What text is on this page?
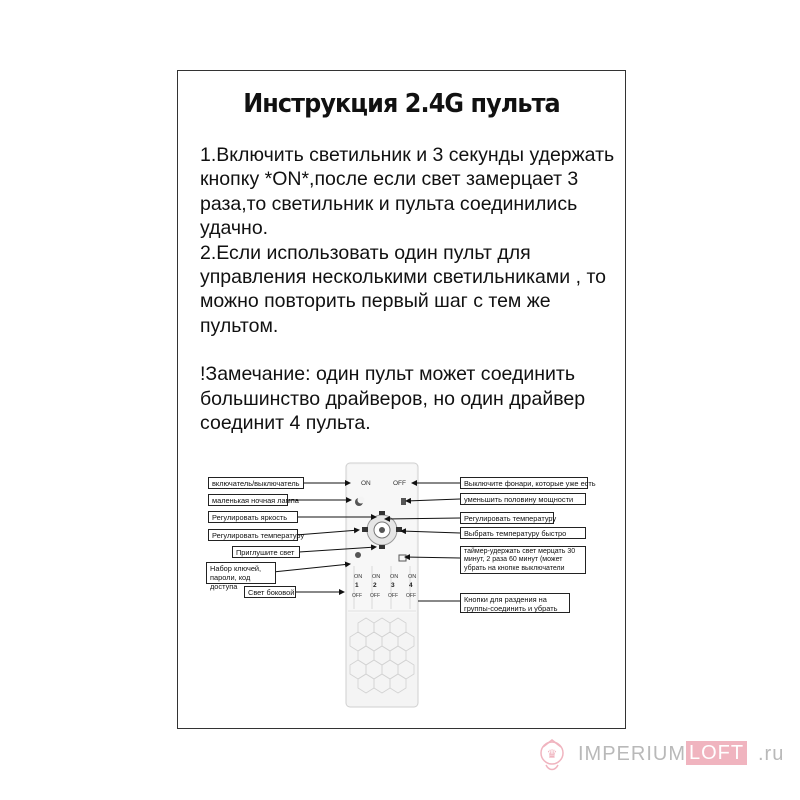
Инструкция 2.4G пульта

1.Включить светильник и 3 секунды удержать кнопку *ON*,после если свет замерцает 3 раза,то светильник и пульта соединились удачно.

2.Если использовать один пульт для управления несколькими светильниками , то можно повторить первый шаг с тем же пультом.

!Замечание: один пульт может соединить большинство драйверов, но один драйвер соединит 4 пульта.

ON	OFF
ON ON ON ON
1 2 3 4
OFF OFF OFF OFF
включатель/выключатель
маленькая ночная лампа
Регулировать яркость
Регулировать температуру
Приглушите свет
Набор ключей, пароли, код доступа
Свет боковой
Выключите фонари, которые уже есть
уменьшить половину мощности
Регулировать температуру
Выбрать температуру быстро
таймер-удержать свет мерцать 30 минут, 2 раза 60 минут (может убрать на кнопке выключатели
Кнопки для раздения на группы-соединить и убрать
♛ IMPERIUM LOFT .ru
